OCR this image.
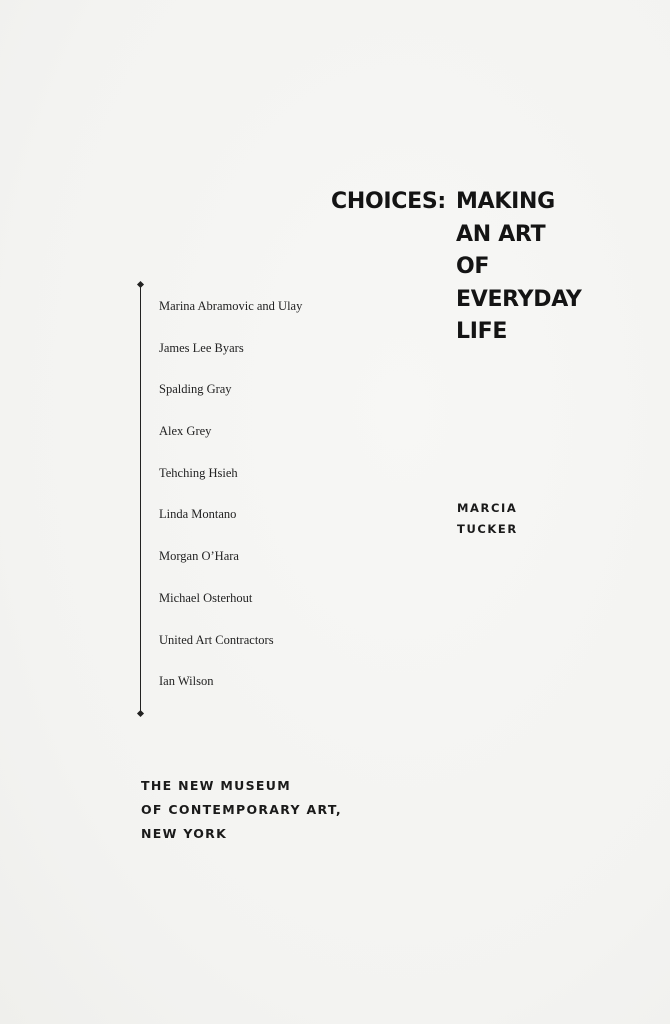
CHOICES: MAKING
AN ART
OF
EVERYDAY
LIFE
Marina Abramovic and Ulay
James Lee Byars
Spalding Gray
Alex Grey
Tehching Hsieh
Linda Montano
Morgan O’Hara
Michael Osterhout
United Art Contractors
Ian Wilson
MARCIA
TUCKER
THE NEW MUSEUM
OF CONTEMPORARY ART,
NEW YORK
